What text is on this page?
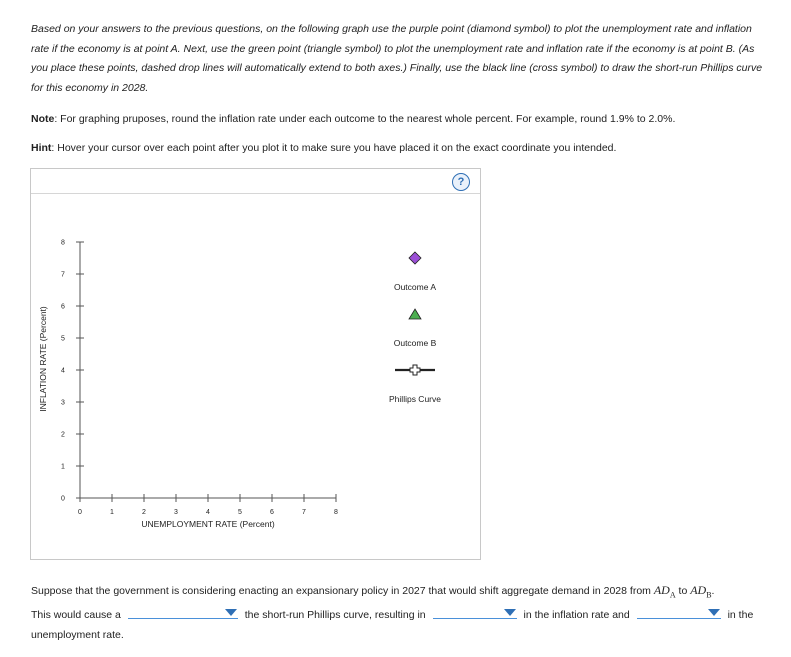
Based on your answers to the previous questions, on the following graph use the purple point (diamond symbol) to plot the unemployment rate and inflation rate if the economy is at point A. Next, use the green point (triangle symbol) to plot the unemployment rate and inflation rate if the economy is at point B. (As you place these points, dashed drop lines will automatically extend to both axes.) Finally, use the black line (cross symbol) to draw the short-run Phillips curve for this economy in 2028.
Note: For graphing pruposes, round the inflation rate under each outcome to the nearest whole percent. For example, round 1.9% to 2.0%.
Hint: Hover your cursor over each point after you plot it to make sure you have placed it on the exact coordinate you intended.
?
INFLATION RATE (Percent)
UNEMPLOYMENT RATE (Percent)
0	1	2	3	4	5	6	7	8
0
1
2
3
4
5
6
7
8
Outcome A
Outcome B
Phillips Curve
Suppose that the government is considering enacting an expansionary policy in 2027 that would shift aggregate demand in 2028 from $AD_A$ to $AD_B$.
This would cause a	the short-run Phillips curve, resulting in	in the inflation rate and	in the unemployment rate.
